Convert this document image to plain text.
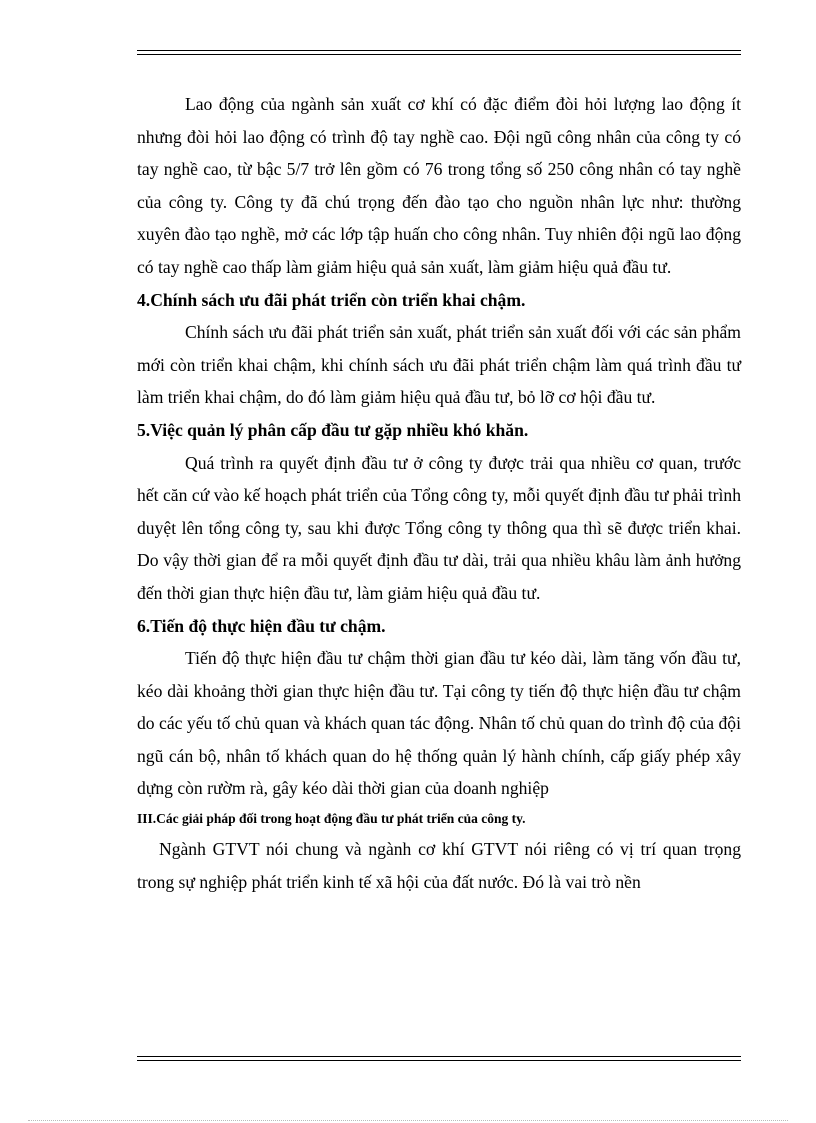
Lao động của ngành sản xuất cơ khí có đặc điểm đòi hỏi lượng lao động ít nhưng đòi hỏi lao động có trình độ tay nghề cao. Đội ngũ công nhân của công ty có tay nghề cao, từ bậc 5/7 trở lên gồm có 76 trong tổng số 250 công nhân có tay nghề của công ty. Công ty đã chú trọng đến đào tạo cho nguồn nhân lực như: thường xuyên đào tạo nghề, mở các lớp tập huấn cho công nhân. Tuy nhiên đội ngũ lao động có tay nghề cao thấp làm giảm hiệu quả sản xuất, làm giảm hiệu quả đầu tư.

4.Chính sách ưu đãi phát triển còn triển khai chậm.

Chính sách ưu đãi phát triển sản xuất, phát triển sản xuất đối với các sản phẩm mới còn triển khai chậm, khi chính sách ưu đãi phát triển chậm làm quá trình đầu tư làm triển khai chậm, do đó làm giảm hiệu quả đầu tư, bỏ lỡ cơ hội đầu tư.

5.Việc quản lý phân cấp đầu tư gặp nhiều khó khăn.

Quá trình ra quyết định đầu tư ở công ty được trải qua nhiều cơ quan, trước hết căn cứ vào kế hoạch phát triển của Tổng công ty, mỗi quyết định đầu tư phải trình duyệt lên tổng công ty, sau khi được Tổng công ty thông qua thì sẽ được triển khai. Do vậy thời gian để ra mỗi quyết định đầu tư dài, trải qua nhiều khâu làm ảnh hưởng đến thời gian thực hiện đầu tư, làm giảm hiệu quả đầu tư.

6.Tiến độ thực hiện đầu tư chậm.

Tiến độ thực hiện đầu tư chậm thời gian đầu tư kéo dài, làm tăng vốn đầu tư, kéo dài khoảng thời gian thực hiện đầu tư. Tại công ty tiến độ thực hiện đầu tư chậm do các yếu tố chủ quan và khách quan tác động. Nhân tố chủ quan do trình độ của đội ngũ cán bộ, nhân tố khách quan do hệ thống quản lý hành chính, cấp giấy phép xây dựng còn rườm rà, gây kéo dài thời gian của doanh nghiệp

III.Các giải pháp đối trong hoạt động đầu tư phát triển của công ty.

Ngành GTVT nói chung và ngành cơ khí GTVT nói riêng có vị trí quan trọng trong sự nghiệp phát triển kinh tế xã hội của đất nước. Đó là vai trò nền
